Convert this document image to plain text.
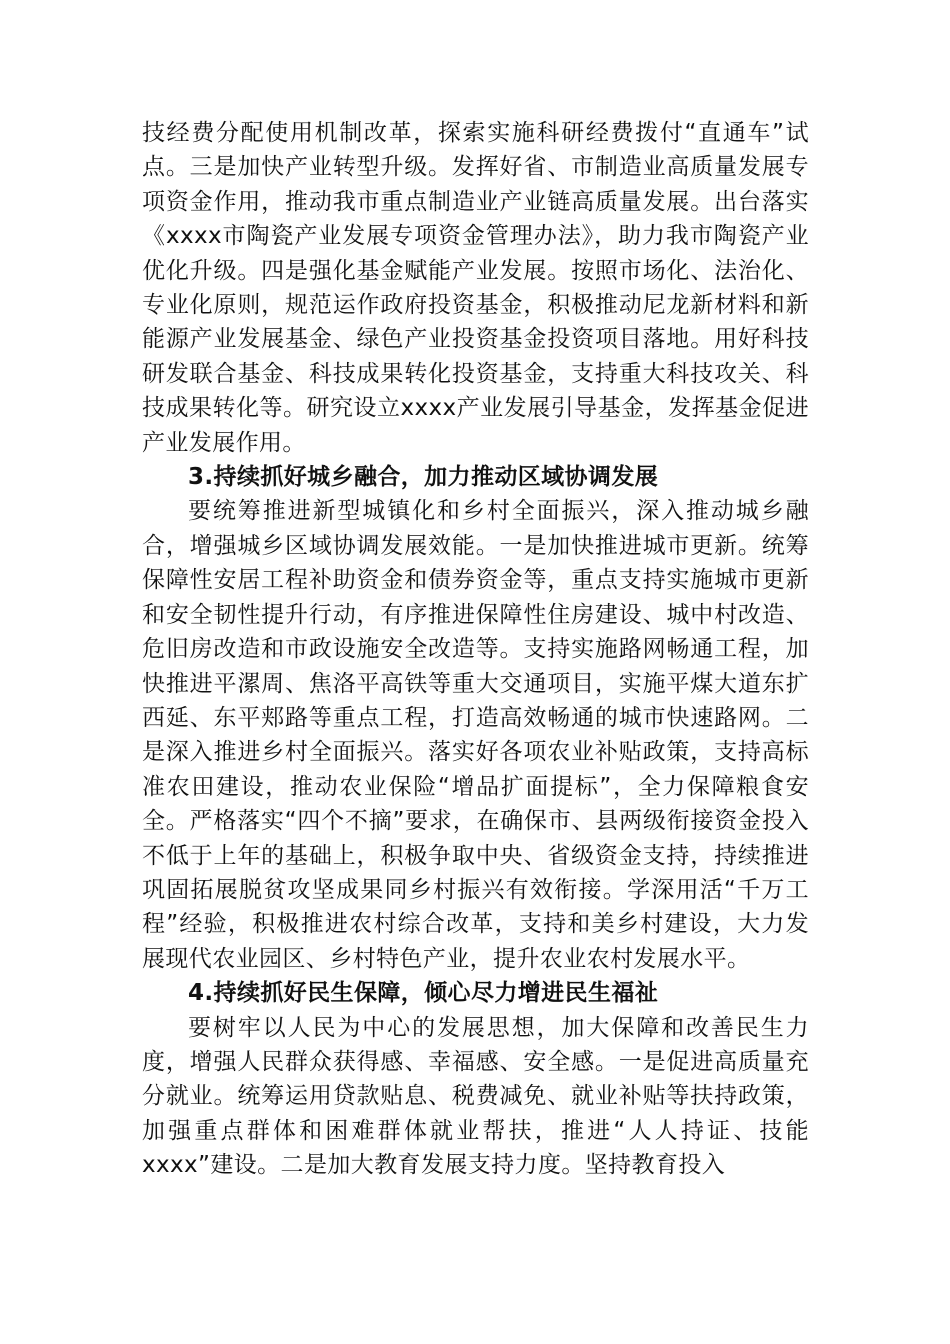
技经费分配使用机制改革，探索实施科研经费拨付“直通车”试点。三是加快产业转型升级。发挥好省、市制造业高质量发展专项资金作用，推动我市重点制造业产业链高质量发展。出台落实《xxxx市陶瓷产业发展专项资金管理办法》，助力我市陶瓷产业优化升级。四是强化基金赋能产业发展。按照市场化、法治化、专业化原则，规范运作政府投资基金，积极推动尼龙新材料和新能源产业发展基金、绿色产业投资基金投资项目落地。用好科技研发联合基金、科技成果转化投资基金，支持重大科技攻关、科技成果转化等。研究设立xxxx产业发展引导基金，发挥基金促进产业发展作用。

3.持续抓好城乡融合，加力推动区域协调发展

要统筹推进新型城镇化和乡村全面振兴，深入推动城乡融合，增强城乡区域协调发展效能。一是加快推进城市更新。统筹保障性安居工程补助资金和债券资金等，重点支持实施城市更新和安全韧性提升行动，有序推进保障性住房建设、城中村改造、危旧房改造和市政设施安全改造等。支持实施路网畅通工程，加快推进平漯周、焦洛平高铁等重大交通项目，实施平煤大道东扩西延、东平郏路等重点工程，打造高效畅通的城市快速路网。二是深入推进乡村全面振兴。落实好各项农业补贴政策，支持高标准农田建设，推动农业保险“增品扩面提标”，全力保障粮食安全。严格落实“四个不摘”要求，在确保市、县两级衔接资金投入不低于上年的基础上，积极争取中央、省级资金支持，持续推进巩固拓展脱贫攻坚成果同乡村振兴有效衔接。学深用活“千万工程”经验，积极推进农村综合改革，支持和美乡村建设，大力发展现代农业园区、乡村特色产业，提升农业农村发展水平。

4.持续抓好民生保障，倾心尽力增进民生福祉

要树牢以人民为中心的发展思想，加大保障和改善民生力度，增强人民群众获得感、幸福感、安全感。一是促进高质量充分就业。统筹运用贷款贴息、税费减免、就业补贴等扶持政策，加强重点群体和困难群体就业帮扶，推进“人人持证、技能xxxx”建设。二是加大教育发展支持力度。坚持教育投入
